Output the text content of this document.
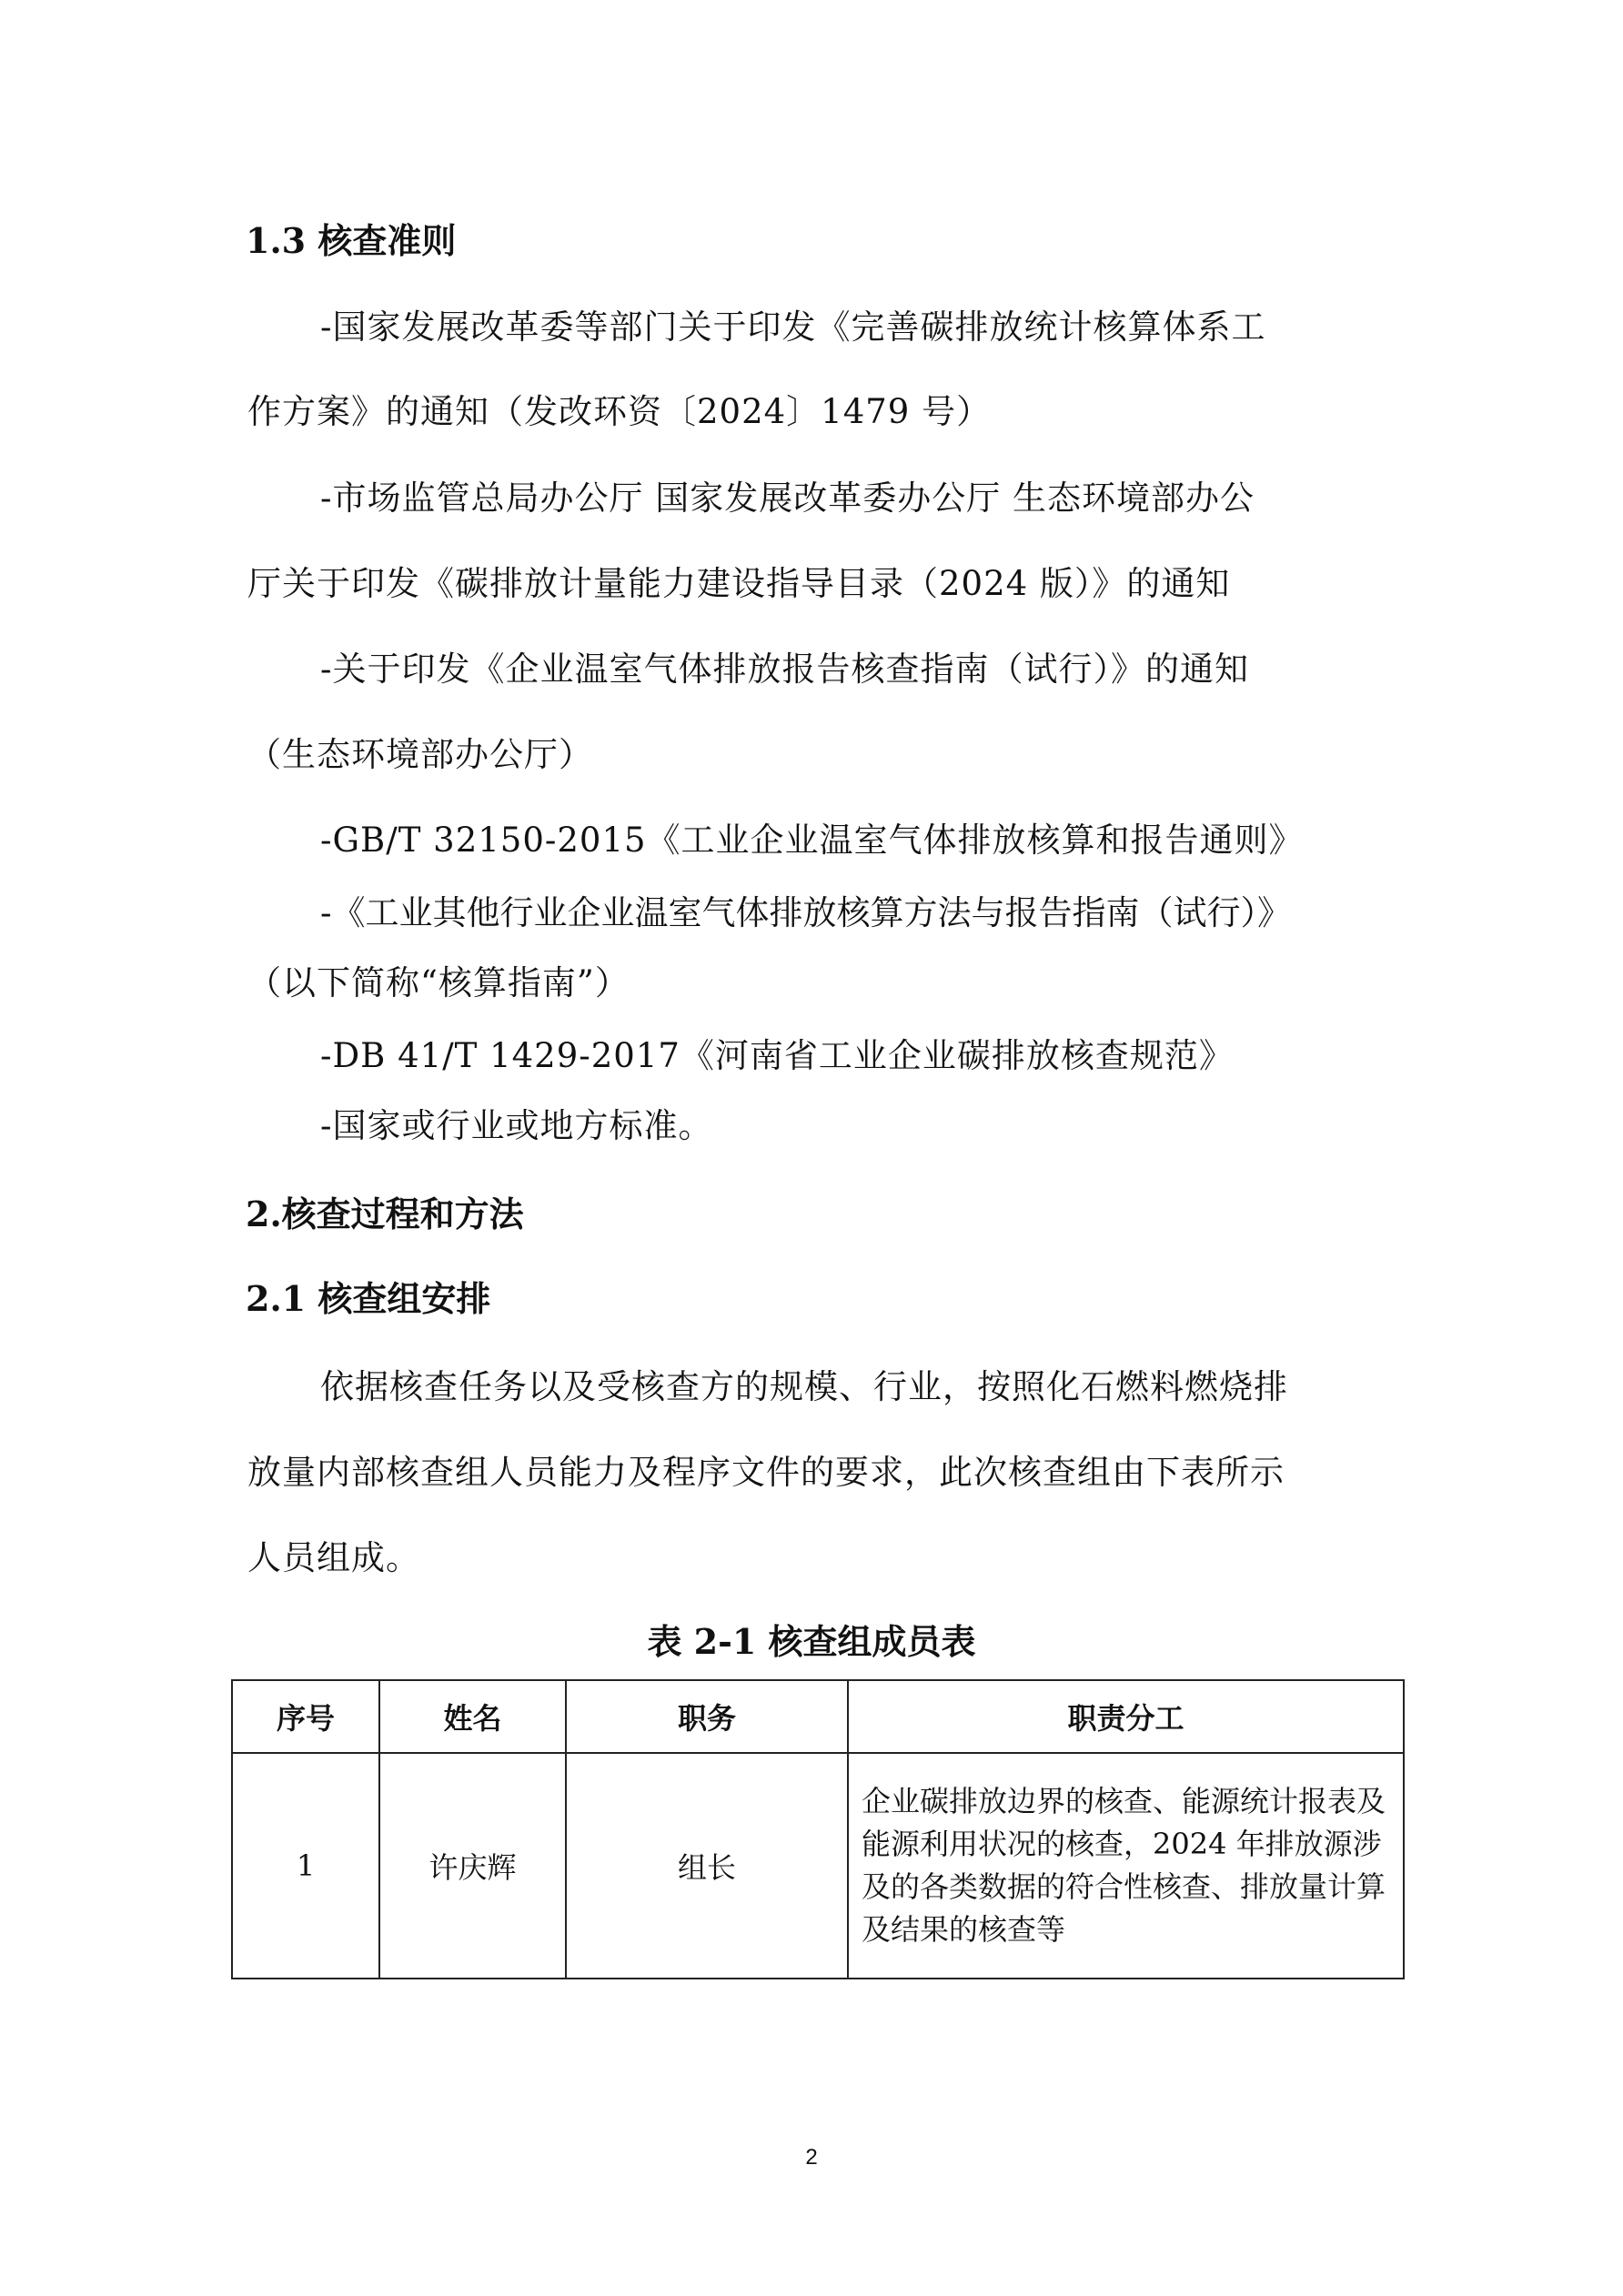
1.3 核查准则
-国家发展改革委等部门关于印发《完善碳排放统计核算体系工
作方案》的通知（发改环资〔2024〕1479 号）
-市场监管总局办公厅 国家发展改革委办公厅 生态环境部办公
厅关于印发《碳排放计量能力建设指导目录（2024 版）》的通知
-关于印发《企业温室气体排放报告核查指南（试行）》的通知
（生态环境部办公厅）
-GB/T 32150-2015《工业企业温室气体排放核算和报告通则》
-《工业其他行业企业温室气体排放核算方法与报告指南（试行）》
（以下简称“核算指南”）
-DB 41/T 1429-2017《河南省工业企业碳排放核查规范》
-国家或行业或地方标准。
2.核查过程和方法
2.1 核查组安排
依据核查任务以及受核查方的规模、行业，按照化石燃料燃烧排
放量内部核查组人员能力及程序文件的要求，此次核查组由下表所示
人员组成。
表 2-1 核查组成员表
序号	姓名	职务	职责分工
1	许庆辉	组长	企业碳排放边界的核查、能源统计报表及能源利用状况的核查，2024 年排放源涉及的各类数据的符合性核查、排放量计算及结果的核查等
2
